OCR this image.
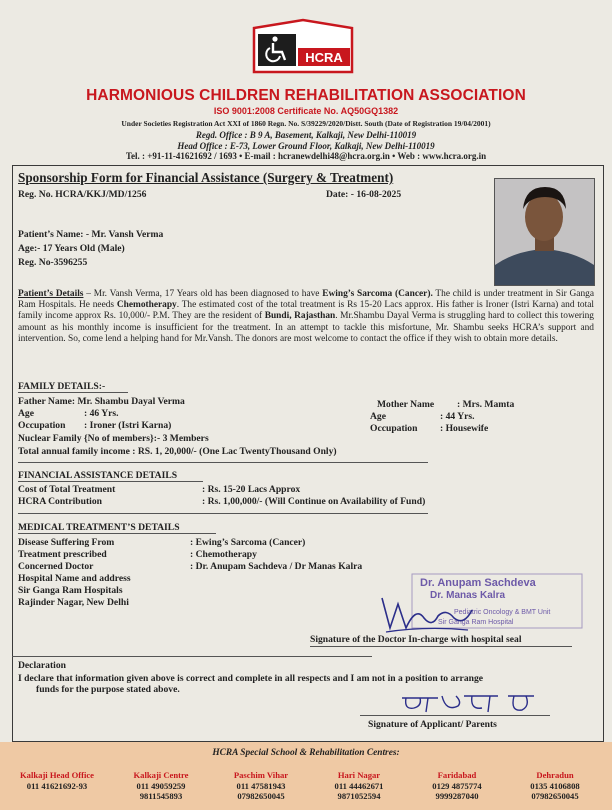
HCRA
HARMONIOUS CHILDREN REHABILITATION ASSOCIATION
ISO 9001:2008 Certificate No. AQ50GQ1382
Under Societies Registration Act XXI of 1860 Regn. No. S/39229/2020/Distt. South (Date of Registration 19/04/2001)
Regd. Office : B 9 A, Basement, Kalkaji, New Delhi-110019
Head Office : E-73, Lower Ground Floor, Kalkaji, New Delhi-110019
Tel. : +91-11-41621692 / 1693 • E-mail : hcranewdelhi48@hcra.org.in • Web : www.hcra.org.in
Sponsorship Form for Financial Assistance (Surgery & Treatment)
Reg. No. HCRA/KKJ/MD/1256	Date: - 16-08-2025
Patient’s Name: - Mr. Vansh Verma
Age:- 17 Years Old (Male)
Reg. No-3596255
Patient’s Details – Mr. Vansh Verma, 17 Years old has been diagnosed to have Ewing’s Sarcoma (Cancer). The child is under treatment in Sir Ganga Ram Hospitals. He needs Chemotherapy. The estimated cost of the total treatment is Rs 15-20 Lacs approx. His father is Ironer (Istri Karna) and total family income approx Rs. 10,000/- P.M. They are the resident of Bundi, Rajasthan. Mr.Shambu Dayal Verma is struggling hard to collect this towering amount as his monthly income is insufficient for the treatment. In an attempt to tackle this misfortune, Mr. Shambu seeks HCRA’s support and intervention. So, come lend a helping hand for Mr.Vansh. The donors are most welcome to contact the office if they wish to obtain more details.
FAMILY DETAILS:-
Father Name: Mr. Shambu Dayal Verma
Age	: 46 Yrs.
Occupation : Ironer (Istri Karna)
Nuclear Family {No of members}:- 3 Members
Total annual family income : RS. 1, 20,000/- (One Lac TwentyThousand Only)
Mother Name : Mrs. Mamta
Age	: 44 Yrs.
Occupation : Housewife
FINANCIAL ASSISTANCE DETAILS
Cost of Total Treatment	: Rs. 15-20 Lacs Approx
HCRA Contribution	: Rs. 1,00,000/- (Will Continue on Availability of Fund)
MEDICAL TREATMENT’S DETAILS
Disease Suffering From	: Ewing’s Sarcoma (Cancer)
Treatment prescribed	: Chemotherapy
Concerned Doctor	: Dr. Anupam Sachdeva / Dr Manas Kalra
Hospital Name and address
Sir Ganga Ram Hospitals
Rajinder Nagar, New Delhi
Dr. Anupam Sachdeva
Dr. Manas Kalra
Pediatric Oncology & BMT Unit
Sir Ganga Ram Hospital
Signature of the Doctor In-charge with hospital seal
Declaration
I declare that information given above is correct and complete in all respects and I am not in a position to arrange
funds for the purpose stated above.
Signature of Applicant/ Parents
HCRA Special School & Rehabilitation Centres:
Kalkaji Head Office
011 41621692-93
Kalkaji Centre
011 49059259
9811545893
Paschim Vihar
011 47581943
07982650045
Hari Nagar
011 44462671
9871052594
Faridabad
0129 4875774
9999287040
Dehradun
0135 4106808
07982650045
